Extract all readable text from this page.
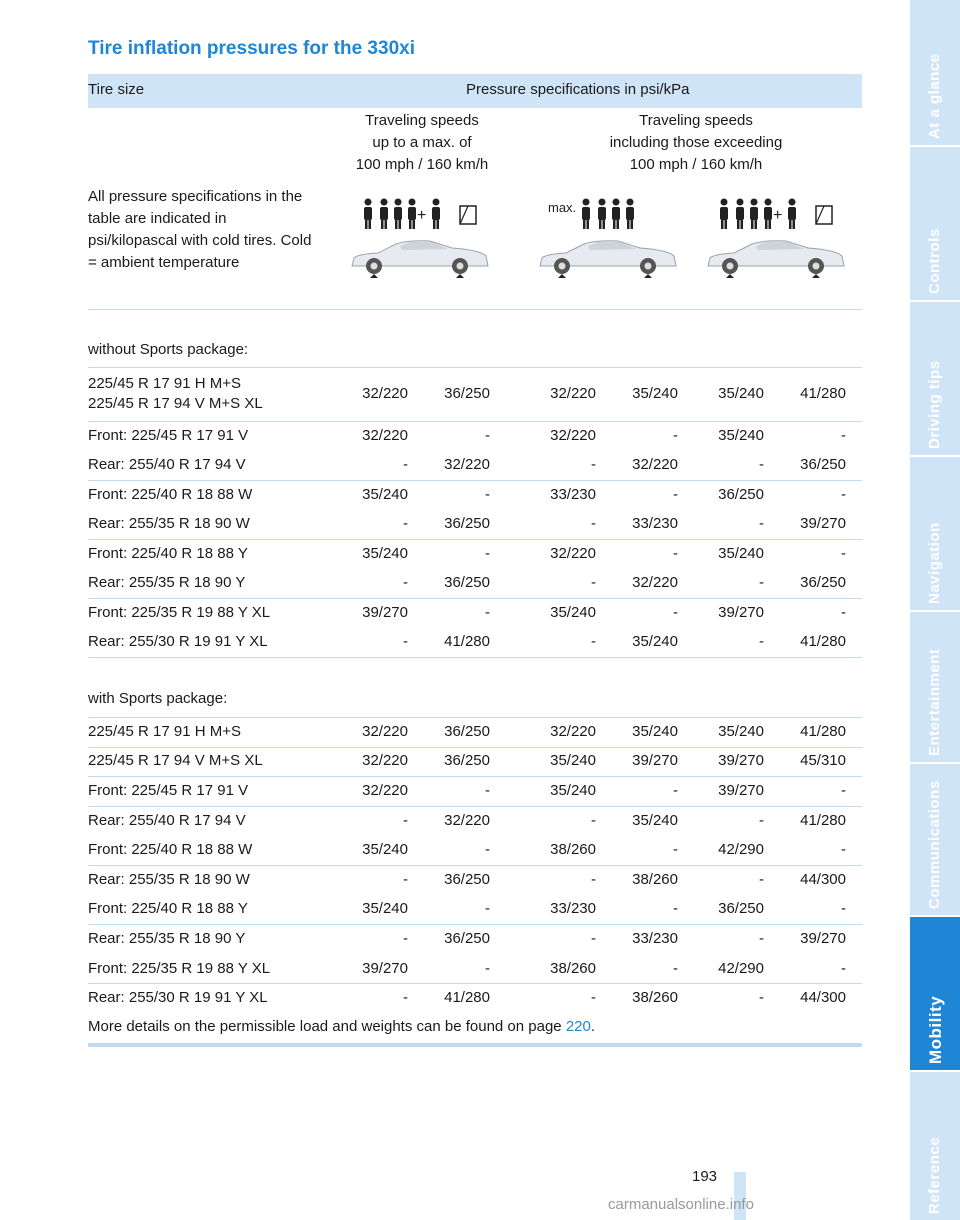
Tire inflation pressures for the 330xi
Tire size	Pressure specifications in psi/kPa
Traveling speeds
up to a max. of
100 mph / 160 km/h
Traveling speeds
including those exceeding
100 mph / 160 km/h
All pressure specifications in the table are indicated in psi/kilopascal with cold tires. Cold = ambient temperature
+	max.	+
without Sports package:
225/45 R 17 91 H M+S
225/45 R 17 94 V M+S XL
32/220 36/250	32/220 35/240	35/240 41/280
Front: 225/45 R 17 91 V	32/220	-	32/220	-	35/240	-
Rear: 255/40 R 17 94 V	- 32/220	- 32/220	- 36/250
Front: 225/40 R 18 88 W	35/240	-	33/230	-	36/250	-
Rear: 255/35 R 18 90 W	- 36/250	- 33/230	- 39/270
Front: 225/40 R 18 88 Y	35/240	-	32/220	-	35/240	-
Rear: 255/35 R 18 90 Y	- 36/250	- 32/220	- 36/250
Front: 225/35 R 19 88 Y XL	39/270	-	35/240	-	39/270	-
Rear: 255/30 R 19 91 Y XL	- 41/280	- 35/240	- 41/280
with Sports package:
225/45 R 17 91 H M+S	32/220 36/250	32/220 35/240	35/240 41/280
225/45 R 17 94 V M+S XL	32/220 36/250	35/240 39/270	39/270 45/310
Front: 225/45 R 17 91 V	32/220	-	35/240	-	39/270	-
Rear: 255/40 R 17 94 V	- 32/220	- 35/240	- 41/280
Front: 225/40 R 18 88 W	35/240	-	38/260	-	42/290	-
Rear: 255/35 R 18 90 W	- 36/250	- 38/260	- 44/300
Front: 225/40 R 18 88 Y	35/240	-	33/230	-	36/250	-
Rear: 255/35 R 18 90 Y	- 36/250	- 33/230	- 39/270
Front: 225/35 R 19 88 Y XL	39/270	-	38/260	-	42/290	-
Rear: 255/30 R 19 91 Y XL	- 41/280	- 38/260	- 44/300
More details on the permissible load and weights can be found on page 220.
193
At a glance
Controls
Driving tips
Navigation
Entertainment
Communications
Mobility
Reference
carmanualsonline.info
